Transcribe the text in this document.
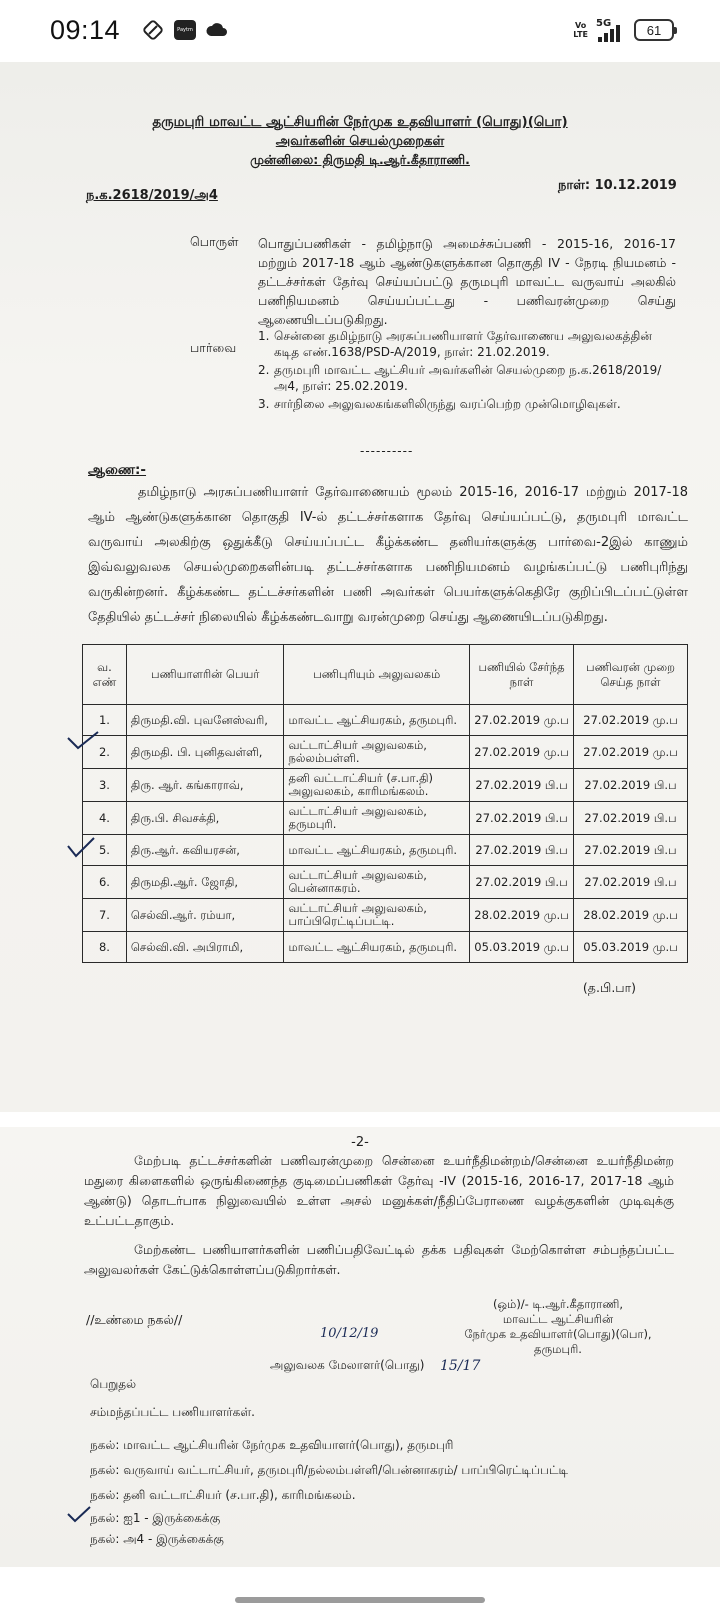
09:14	Paytm	Vo
LTE
5G	61
தருமபுரி மாவட்ட ஆட்சியரின் நேர்முக உதவியாளர் (பொது)(பொ)
அவர்களின் செயல்முறைகள்
முன்னிலை: திருமதி டி.ஆர்.கீதாராணி.
ந.க.2618/2019/அ4
நாள்: 10.12.2019
பொருள் பொதுப்பணிகள் - தமிழ்நாடு அமைச்சுப்பணி - 2015-16, 2016-17 மற்றும் 2017-18 ஆம் ஆண்டுகளுக்கான தொகுதி IV - நேரடி நியமனம் - தட்டச்சர்கள் தேர்வு செய்யப்பட்டு தருமபுரி மாவட்ட வருவாய் அலகில் பணிநியமனம் செய்யப்பட்டது - பணிவரன்முறை செய்து ஆணையிடப்படுகிறது.
பார்வை
1. சென்னை தமிழ்நாடு அரசுப்பணியாளர் தேர்வாணைய அலுவலகத்தின் கடித எண்.1638/PSD-A/2019, நாள்: 21.02.2019.
2. தருமபுரி மாவட்ட ஆட்சியர் அவர்களின் செயல்முறை ந.க.2618/2019/அ4, நாள்: 25.02.2019.
3. சார்நிலை அலுவலகங்களிலிருந்து வரப்பெற்ற முன்மொழிவுகள்.
----------
ஆணை:-
தமிழ்நாடு அரசுப்பணியாளர் தேர்வாணையம் மூலம் 2015-16, 2016-17 மற்றும் 2017-18 ஆம் ஆண்டுகளுக்கான தொகுதி IV-ல் தட்டச்சர்களாக தேர்வு செய்யப்பட்டு, தருமபுரி மாவட்ட வருவாய் அலகிற்கு ஒதுக்கீடு செய்யப்பட்ட கீழ்க்கண்ட தனியர்களுக்கு பார்வை-2இல் காணும் இவ்வலுவலக செயல்முறைகளின்படி தட்டச்சர்களாக பணிநியமனம் வழங்கப்பட்டு பணிபுரிந்து வருகின்றனர். கீழ்க்கண்ட தட்டச்சர்களின் பணி அவர்கள் பெயர்களுக்கெதிரே குறிப்பிடப்பட்டுள்ள தேதியில் தட்டச்சர் நிலையில் கீழ்க்கண்டவாறு வரன்முறை செய்து ஆணையிடப்படுகிறது.
வ. எண்	பணியாளரின் பெயர்	பணிபுரியும் அலுவலகம்	பணியில் சேர்ந்த நாள்	பணிவரன் முறை செய்த நாள்
1.	திருமதி.வி. புவனேஸ்வரி,	மாவட்ட ஆட்சியரகம், தருமபுரி.	27.02.2019 மு.ப	27.02.2019 மு.ப
2.	திருமதி. பி. புனிதவள்ளி,	வட்டாட்சியர் அலுவலகம், நல்லம்பள்ளி.	27.02.2019 மு.ப	27.02.2019 மு.ப
3.	திரு. ஆர். கங்காராவ்,	தனி வட்டாட்சியர் (ச.பா.தி) அலுவலகம், காரிமங்கலம்.	27.02.2019 பி.ப	27.02.2019 பி.ப
4.	திரு.பி. சிவசக்தி,	வட்டாட்சியர் அலுவலகம், தருமபுரி.	27.02.2019 பி.ப	27.02.2019 பி.ப
5.	திரு.ஆர். கவியரசன்,	மாவட்ட ஆட்சியரகம், தருமபுரி.	27.02.2019 பி.ப	27.02.2019 பி.ப
6.	திருமதி.ஆர். ஜோதி,	வட்டாட்சியர் அலுவலகம், பென்னாகரம்.	27.02.2019 பி.ப	27.02.2019 பி.ப
7.	செல்வி.ஆர். ரம்யா,	வட்டாட்சியர் அலுவலகம், பாப்பிரெட்டிப்பட்டி.	28.02.2019 மு.ப	28.02.2019 மு.ப
8.	செல்வி.வி. அபிராமி,	மாவட்ட ஆட்சியரகம், தருமபுரி.	05.03.2019 மு.ப	05.03.2019 மு.ப
(த.பி.பா)
-2-
மேற்படி தட்டச்சர்களின் பணிவரன்முறை சென்னை உயர்நீதிமன்றம்/சென்னை உயர்நீதிமன்ற மதுரை கிளைகளில் ஒருங்கிணைந்த குடிமைப்பணிகள் தேர்வு -IV (2015-16, 2016-17, 2017-18 ஆம் ஆண்டு) தொடர்பாக நிலுவையில் உள்ள அசல் மனுக்கள்/நீதிப்பேராணை வழக்குகளின் முடிவுக்கு உட்பட்டதாகும்.
மேற்கண்ட பணியாளர்களின் பணிப்பதிவேட்டில் தக்க பதிவுகள் மேற்கொள்ள சம்பந்தப்பட்ட அலுவலர்கள் கேட்டுக்கொள்ளப்படுகிறார்கள்.
(ஒம்)/- டி.ஆர்.கீதாராணி,
மாவட்ட ஆட்சியரின்
நேர்முக உதவியாளர்(பொது)(பொ),
தருமபுரி.
//உண்மை நகல்//
10/12/19
அலுவலக மேலாளர்(பொது) 15/17
பெறுதல்
சம்மந்தப்பட்ட பணியாளர்கள்.
நகல்: மாவட்ட ஆட்சியரின் நேர்முக உதவியாளர்(பொது), தருமபுரி
நகல்: வருவாய் வட்டாட்சியர், தருமபுரி/நல்லம்பள்ளி/பென்னாகரம்/ பாப்பிரெட்டிப்பட்டி
நகல்: தனி வட்டாட்சியர் (ச.பா.தி), காரிமங்கலம்.
நகல்: ஐ1 - இருக்கைக்கு
நகல்: அ4 - இருக்கைக்கு
